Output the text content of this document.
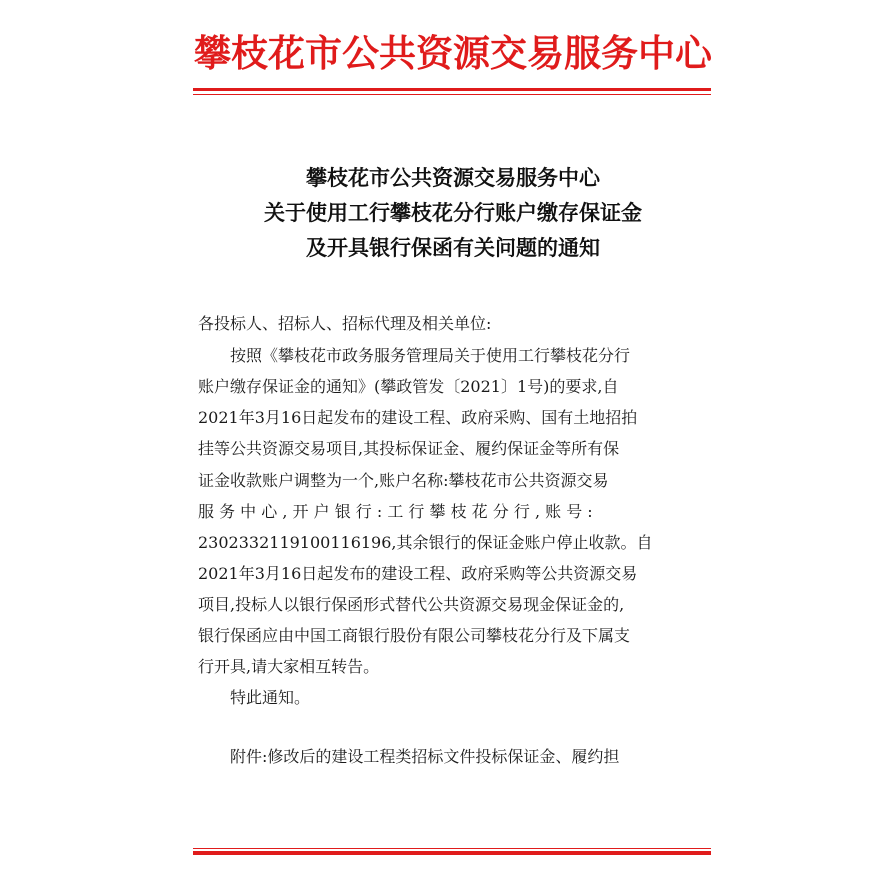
攀枝花市公共资源交易服务中心
攀枝花市公共资源交易服务中心
关于使用工行攀枝花分行账户缴存保证金
及开具银行保函有关问题的通知
各投标人、招标人、招标代理及相关单位:
按照《攀枝花市政务服务管理局关于使用工行攀枝花分行
账户缴存保证金的通知》(攀政管发〔2021〕1号)的要求,自
2021年3月16日起发布的建设工程、政府采购、国有土地招拍
挂等公共资源交易项目,其投标保证金、履约保证金等所有保
证金收款账户调整为一个,账户名称:攀枝花市公共资源交易
服 务 中 心 , 开 户 银 行 : 工 行 攀 枝 花 分 行 , 账 号 :
2302332119100116196,其余银行的保证金账户停止收款。自
2021年3月16日起发布的建设工程、政府采购等公共资源交易
项目,投标人以银行保函形式替代公共资源交易现金保证金的,
银行保函应由中国工商银行股份有限公司攀枝花分行及下属支
行开具,请大家相互转告。
特此通知。
附件:修改后的建设工程类招标文件投标保证金、履约担
